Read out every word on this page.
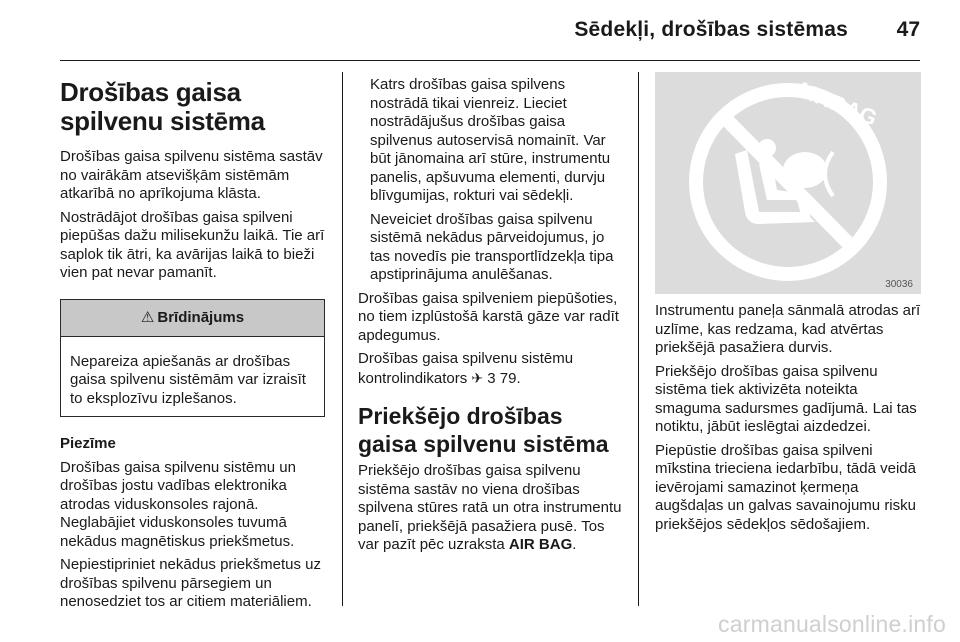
Sēdekļi, drošības sistēmas 47
Drošības gaisa spilvenu sistēma

Drošības gaisa spilvenu sistēma sastāv no vairākām atsevišķām sistēmām atkarībā no aprīkojuma klāsta.

Nostrādājot drošības gaisa spilveni piepūšas dažu milisekunžu laikā. Tie arī saplok tik ātri, ka avārijas laikā to bieži vien pat nevar pamanīt.

⚠ Brīdinājums
Nepareiza apiešanās ar drošības gaisa spilvenu sistēmām var izraisīt to eksplozīvu izplešanos.

Piezīme

Drošības gaisa spilvenu sistēmu un drošības jostu vadības elektronika atrodas viduskonsoles rajonā. Neglabājiet viduskonsoles tuvumā nekādus magnētiskus priekšmetus.

Nepiestipriniet nekādus priekšmetus uz drošības spilvenu pārsegiem un nenosedziet tos ar citiem materiāliem.

Katrs drošības gaisa spilvens nostrādā tikai vienreiz. Lieciet nostrādājušus drošības gaisa spilvenus autoservisā nomainīt. Var būt jānomaina arī stūre, instrumentu panelis, apšuvuma elementi, durvju blīvgumijas, rokturi vai sēdekļi.

Neveiciet drošības gaisa spilvenu sistēmā nekādus pārveidojumus, jo tas novedīs pie transportlīdzekļa tipa apstiprinājuma anulēšanas.

Drošības gaisa spilveniem piepūšoties, no tiem izplūstošā karstā gāze var radīt apdegumus.

Drošības gaisa spilvenu sistēmu kontrolindikators ✈ 3 79.

Priekšējo drošības gaisa spilvenu sistēma

Priekšējo drošības gaisa spilvenu sistēma sastāv no viena drošības spilvena stūres ratā un otra instrumentu panelī, priekšējā pasažiera pusē. Tos var pazīt pēc uzraksta AIR BAG.

AIRBAG
30036

Instrumentu paneļa sānmalā atrodas arī uzlīme, kas redzama, kad atvērtas priekšējā pasažiera durvis.

Priekšējo drošības gaisa spilvenu sistēma tiek aktivizēta noteikta smaguma sadursmes gadījumā. Lai tas notiktu, jābūt ieslēgtai aizdedzei.

Piepūstie drošības gaisa spilveni mīkstina trieciena iedarbību, tādā veidā ievērojami samazinot ķermeņa augšdaļas un galvas savainojumu risku priekšējos sēdekļos sēdošajiem.

carmanualsonline.info
